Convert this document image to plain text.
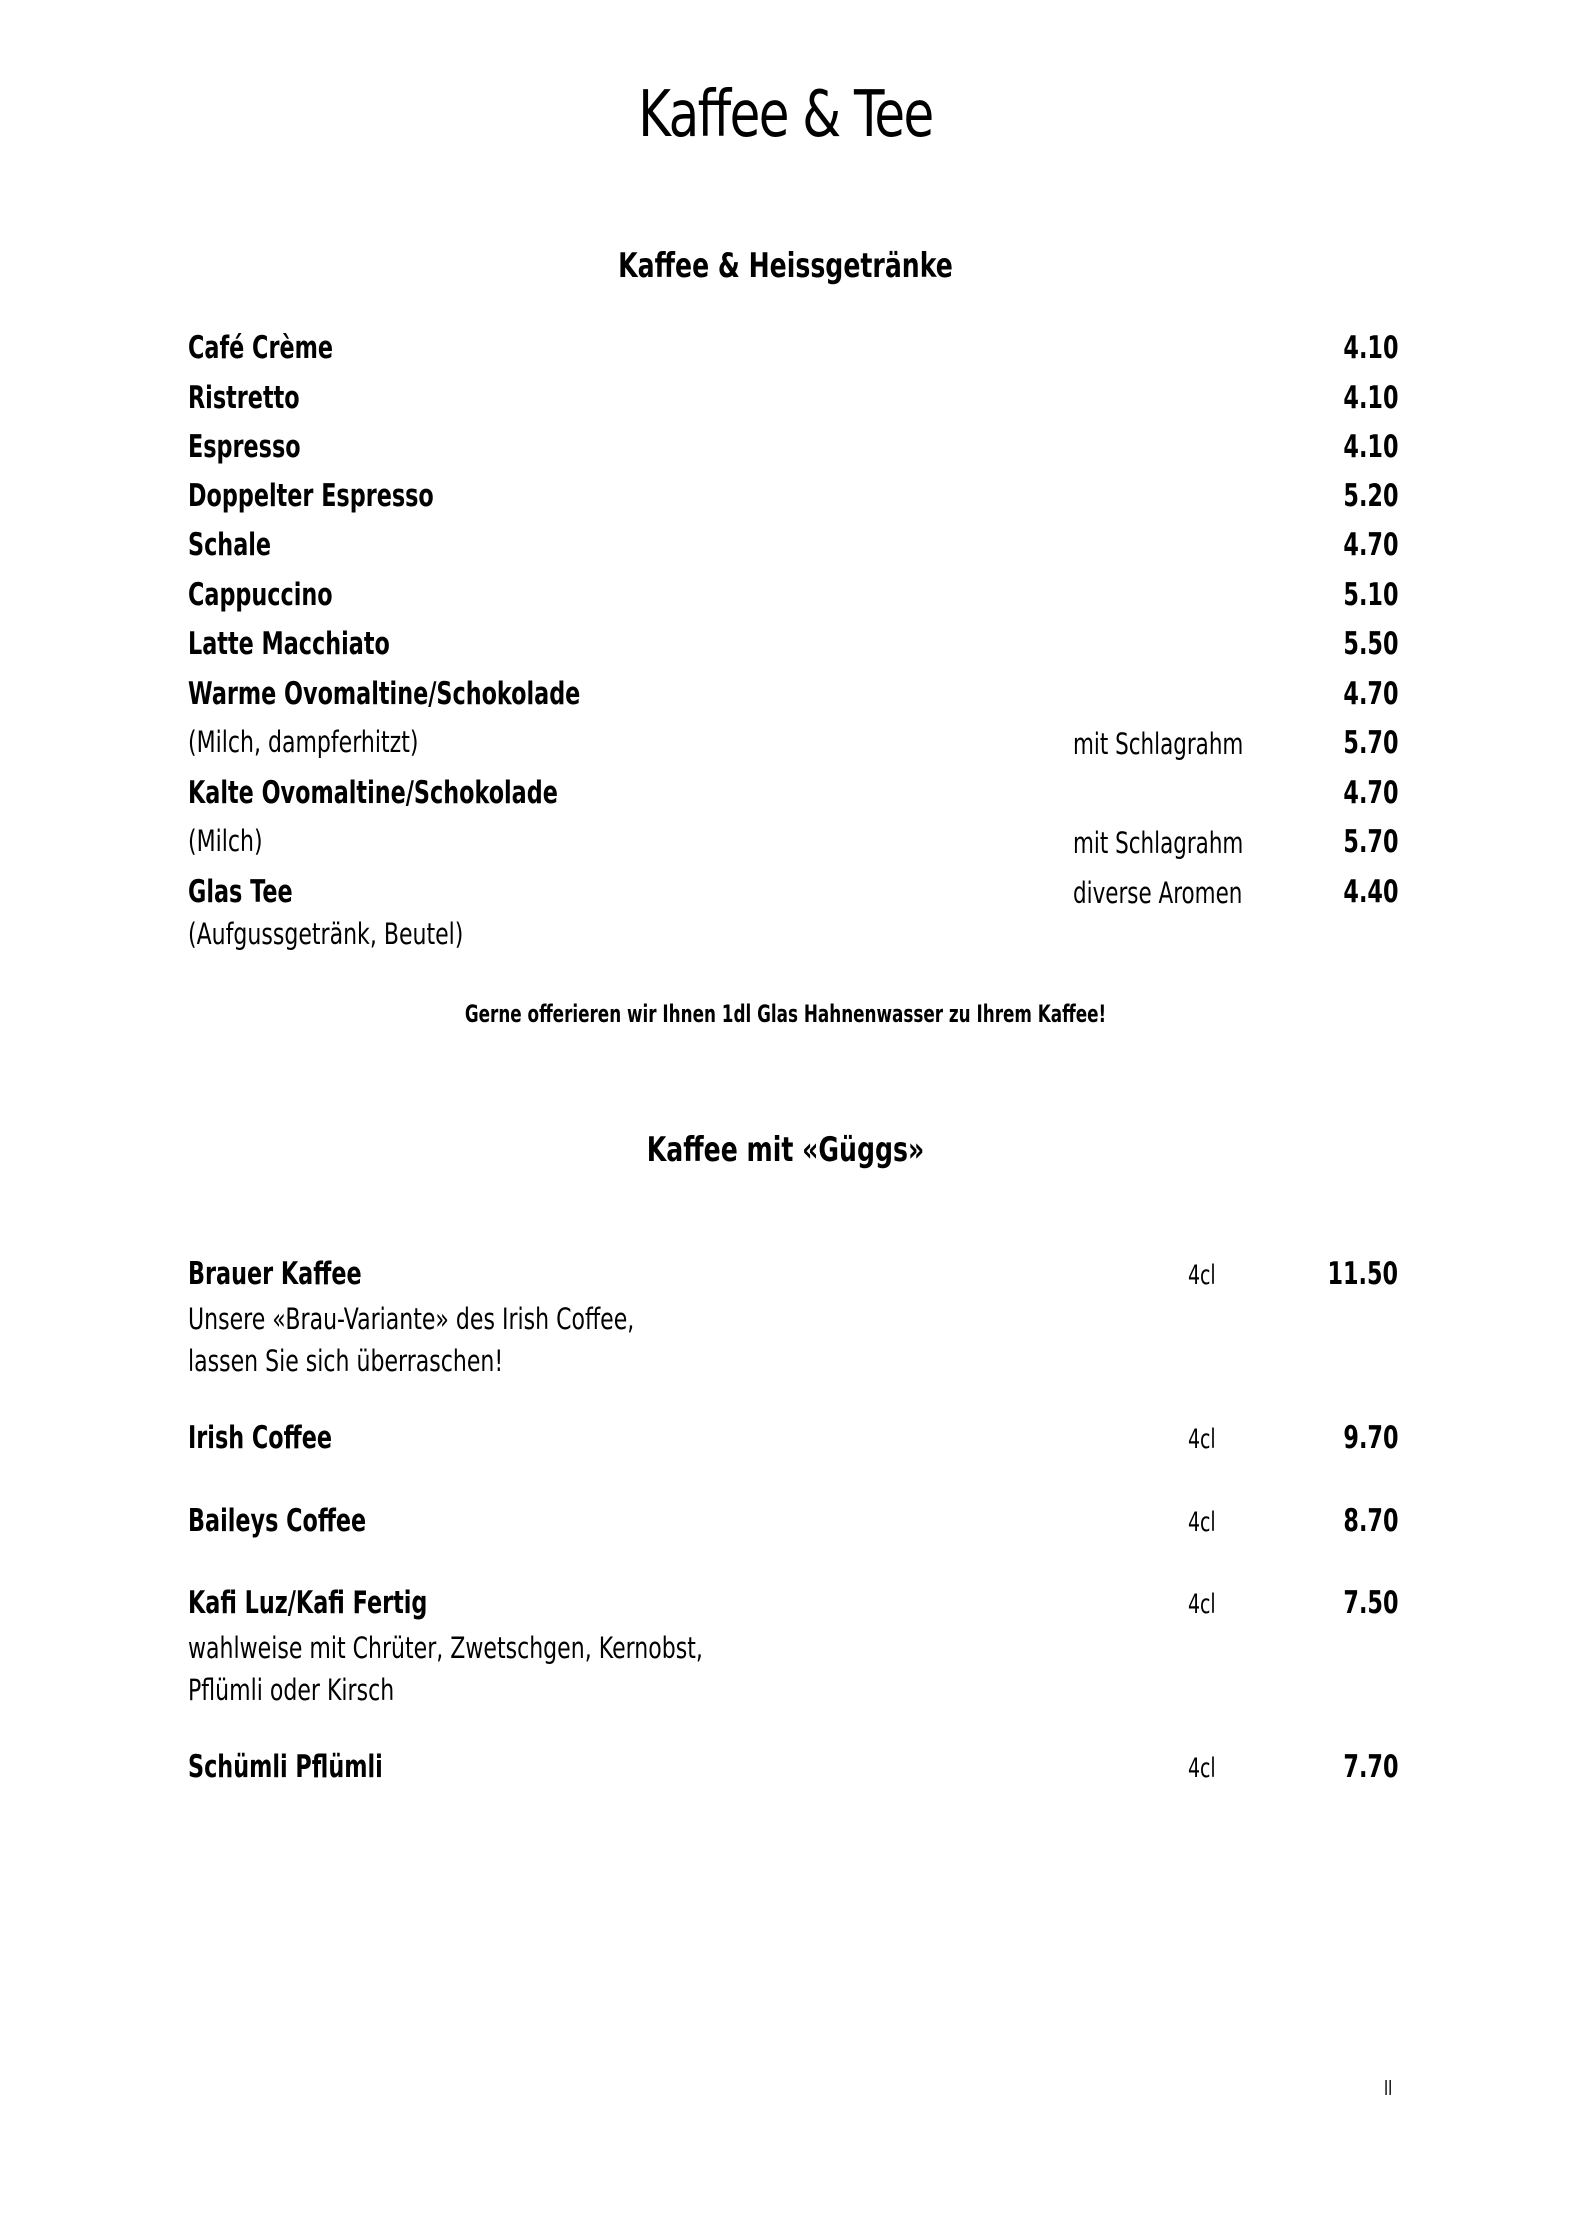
Kaffee & Tee
Kaffee & Heissgetränke
Café Crème	4.10
Ristretto	4.10
Espresso	4.10
Doppelter Espresso	5.20
Schale	4.70
Cappuccino	5.10
Latte Macchiato	5.50
Warme Ovomaltine/Schokolade	4.70
(Milch, dampferhitzt)	mit Schlagrahm	5.70
Kalte Ovomaltine/Schokolade	4.70
(Milch)	mit Schlagrahm	5.70
Glas Tee	diverse Aromen	4.40
(Aufgussgetränk, Beutel)
Gerne offerieren wir Ihnen 1dl Glas Hahnenwasser zu Ihrem Kaffee!
Kaffee mit «Güggs»
Brauer Kaffee	4cl	11.50
Unsere «Brau-Variante» des Irish Coffee,
lassen Sie sich überraschen!
Irish Coffee	4cl	9.70
Baileys Coffee	4cl	8.70
Kafi Luz/Kafi Fertig	4cl	7.50
wahlweise mit Chrüter, Zwetschgen, Kernobst,
Pflümli oder Kirsch
Schümli Pflümli	4cl	7.70
II
